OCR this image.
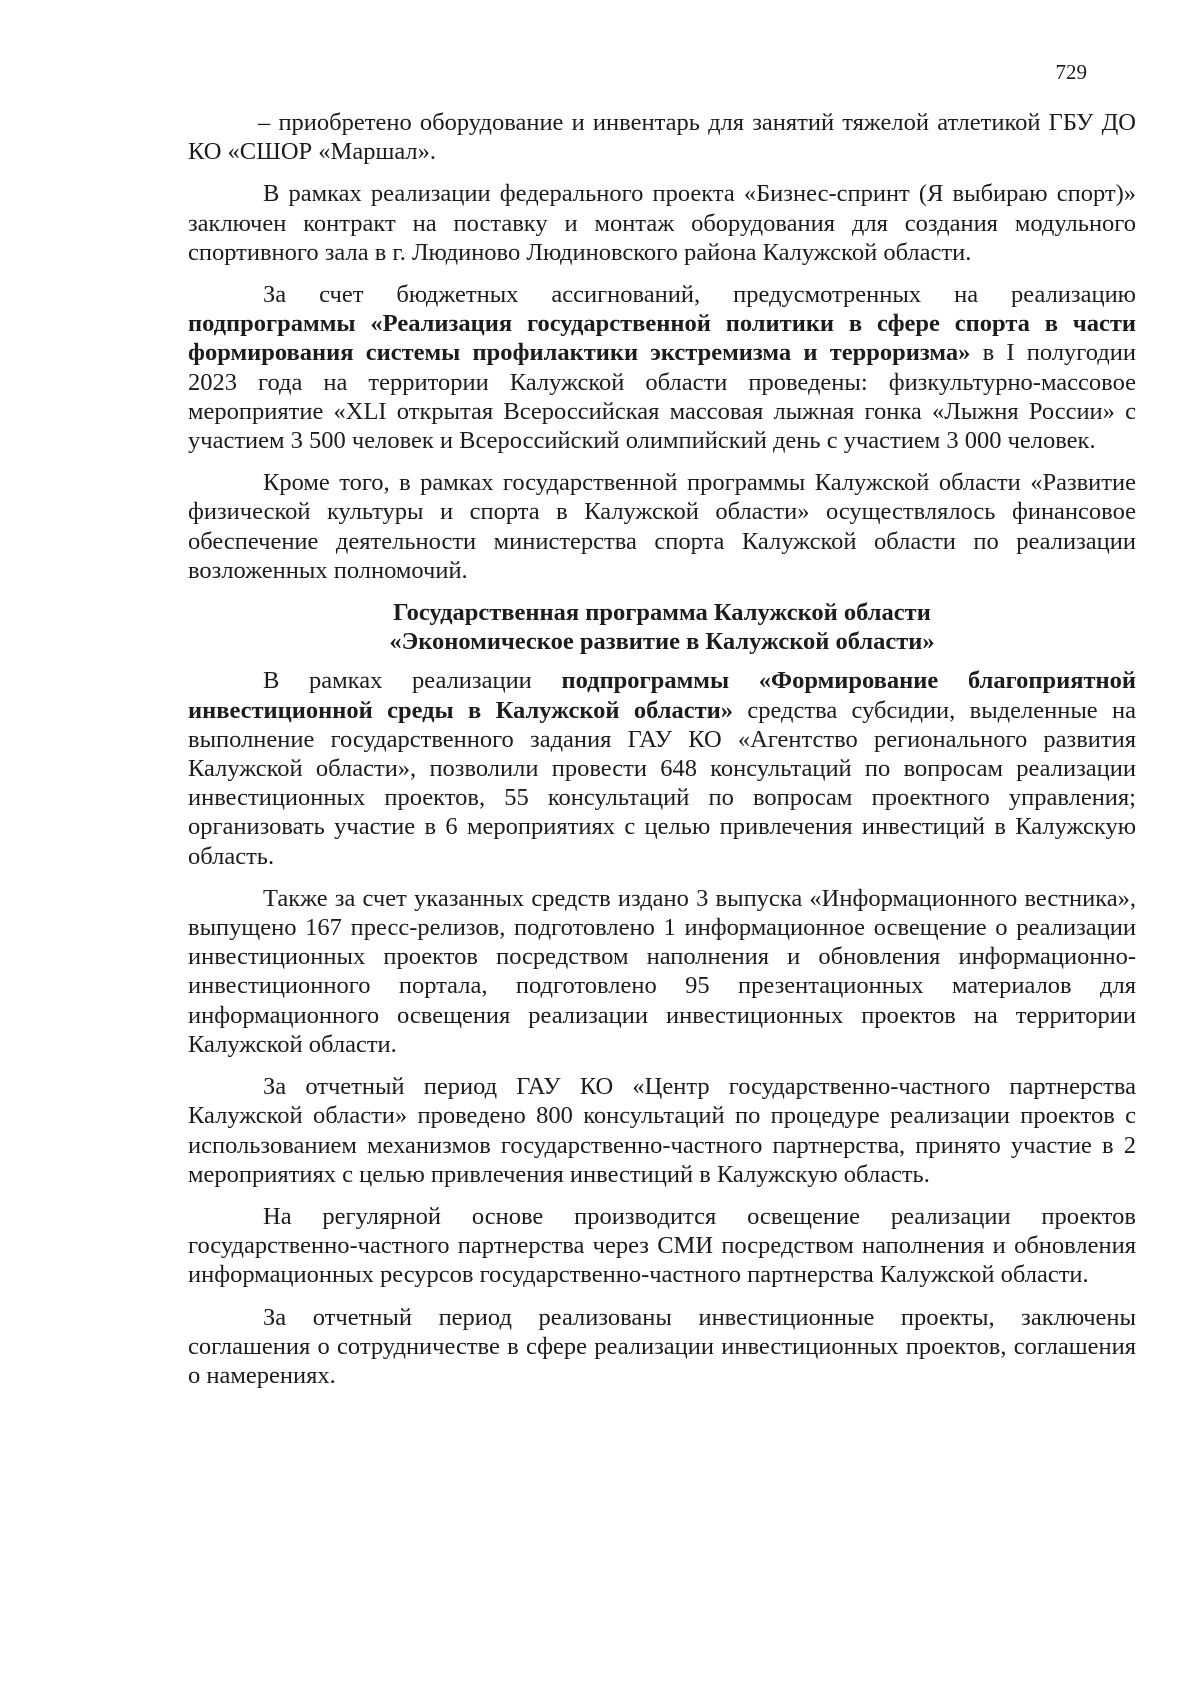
729

– приобретено оборудование и инвентарь для занятий тяжелой атлетикой ГБУ ДО КО «СШОР «Маршал».

В рамках реализации федерального проекта «Бизнес-спринт (Я выбираю спорт)» заключен контракт на поставку и монтаж оборудования для создания модульного спортивного зала в г. Людиново Людиновского района Калужской области.

За счет бюджетных ассигнований, предусмотренных на реализацию подпрограммы «Реализация государственной политики в сфере спорта в части формирования системы профилактики экстремизма и терроризма» в I полугодии 2023 года на территории Калужской области проведены: физкультурно-массовое мероприятие «XLI открытая Всероссийская массовая лыжная гонка «Лыжня России» с участием 3 500 человек и Всероссийский олимпийский день с участием 3 000 человек.

Кроме того, в рамках государственной программы Калужской области «Развитие физической культуры и спорта в Калужской области» осуществлялось финансовое обеспечение деятельности министерства спорта Калужской области по реализации возложенных полномочий.

Государственная программа Калужской области
«Экономическое развитие в Калужской области»

В рамках реализации подпрограммы «Формирование благоприятной инвестиционной среды в Калужской области» средства субсидии, выделенные на выполнение государственного задания ГАУ КО «Агентство регионального развития Калужской области», позволили провести 648 консультаций по вопросам реализации инвестиционных проектов, 55 консультаций по вопросам проектного управления; организовать участие в 6 мероприятиях с целью привлечения инвестиций в Калужскую область.

Также за счет указанных средств издано 3 выпуска «Информационного вестника», выпущено 167 пресс-релизов, подготовлено 1 информационное освещение о реализации инвестиционных проектов посредством наполнения и обновления информационно-инвестиционного портала, подготовлено 95 презентационных материалов для информационного освещения реализации инвестиционных проектов на территории Калужской области.

За отчетный период ГАУ КО «Центр государственно-частного партнерства Калужской области» проведено 800 консультаций по процедуре реализации проектов с использованием механизмов государственно-частного партнерства, принято участие в 2 мероприятиях с целью привлечения инвестиций в Калужскую область.

На регулярной основе производится освещение реализации проектов государственно-частного партнерства через СМИ посредством наполнения и обновления информационных ресурсов государственно-частного партнерства Калужской области.

За отчетный период реализованы инвестиционные проекты, заключены соглашения о сотрудничестве в сфере реализации инвестиционных проектов, соглашения о намерениях.
